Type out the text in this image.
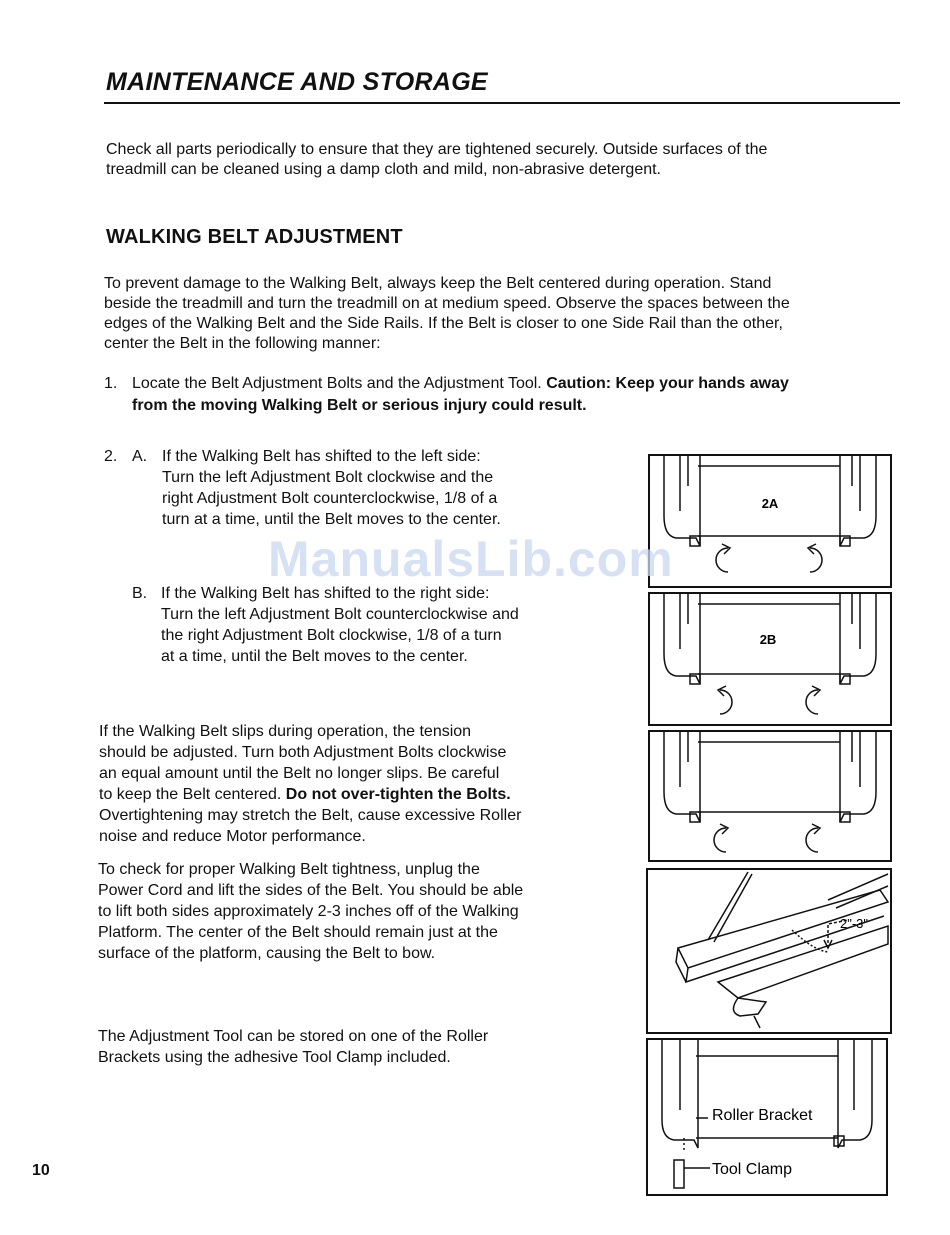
MAINTENANCE AND STORAGE

Check all parts periodically to ensure that they are tightened securely. Outside surfaces of the

treadmill can be cleaned using a damp cloth and mild, non-abrasive detergent.

WALKING BELT ADJUSTMENT

To prevent damage to the Walking Belt, always keep the Belt centered during operation. Stand

beside the treadmill and turn the treadmill on at medium speed. Observe the spaces between the

edges of the Walking Belt and the Side Rails. If the Belt is closer to one Side Rail than the other,

center the Belt in the following manner:

1. Locate the Belt Adjustment Bolts and the Adjustment Tool. Caution: Keep your hands away

from the moving Walking Belt or serious injury could result.

2. A. If the Walking Belt has shifted to the left side:

Turn the left Adjustment Bolt clockwise and the

right Adjustment Bolt counterclockwise, 1/8 of a

turn at a time, until the Belt moves to the center.

B. If the Walking Belt has shifted to the right side:

Turn the left Adjustment Bolt counterclockwise and

the right Adjustment Bolt clockwise, 1/8 of a turn

at a time, until the Belt moves to the center.

If the Walking Belt slips during operation, the tension

should be adjusted. Turn both Adjustment Bolts clockwise

an equal amount until the Belt no longer slips. Be careful

to keep the Belt centered. Do not over-tighten the Bolts.

Overtightening may stretch the Belt, cause excessive Roller

noise and reduce Motor performance.

To check for proper Walking Belt tightness, unplug the

Power Cord and lift the sides of the Belt. You should be able

to lift both sides approximately 2-3 inches off of the Walking

Platform. The center of the Belt should remain just at the

surface of the platform, causing the Belt to bow.

The Adjustment Tool can be stored on one of the Roller

Brackets using the adhesive Tool Clamp included.

10
2A
2B
2"-3"
Roller Bracket
Tool Clamp
ManualsLib.com
